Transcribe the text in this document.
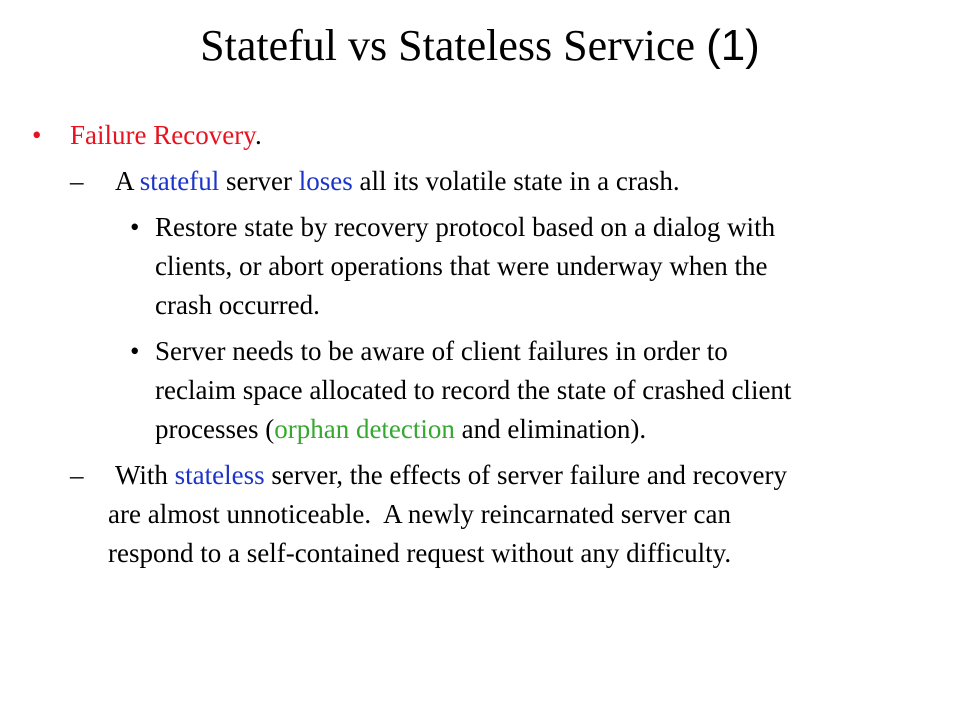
Stateful vs Stateless Service (1)
• Failure Recovery.
– A stateful server loses all its volatile state in a crash.
• Restore state by recovery protocol based on a dialog with
clients, or abort operations that were underway when the
crash occurred.
• Server needs to be aware of client failures in order to
reclaim space allocated to record the state of crashed client
processes (orphan detection and elimination).
– With stateless server, the effects of server failure and recovery
are almost unnoticeable.  A newly reincarnated server can
respond to a self-contained request without any difficulty.
